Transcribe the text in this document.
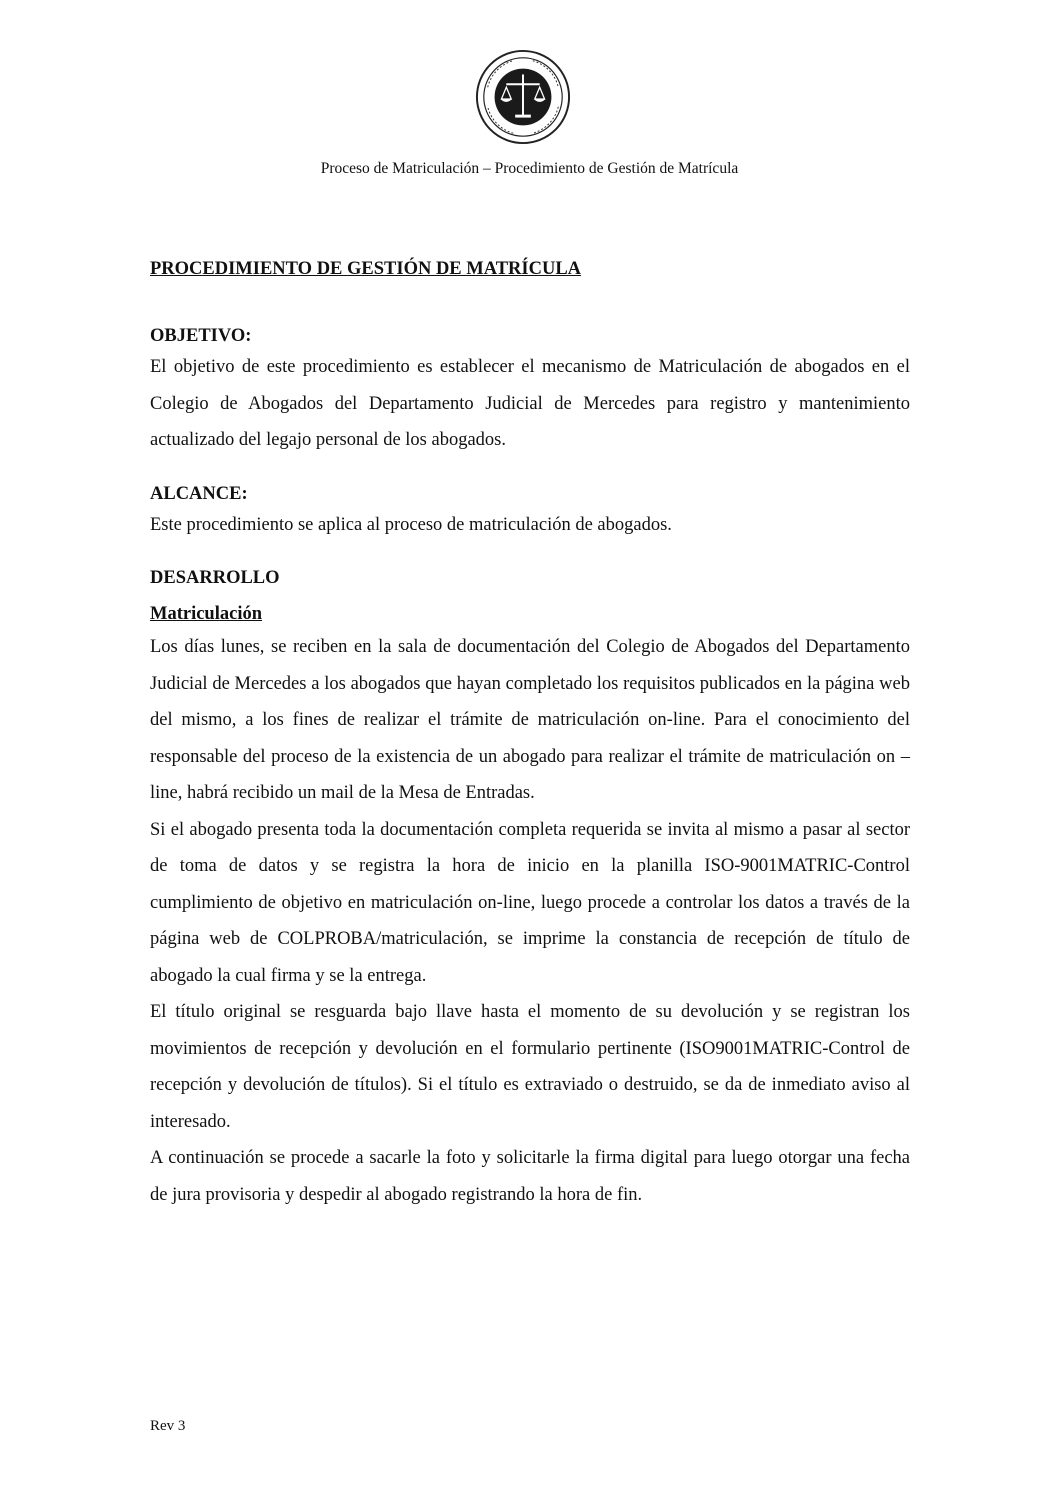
Proceso de Matriculación – Procedimiento de Gestión de Matrícula
PROCEDIMIENTO DE GESTIÓN DE MATRÍCULA
OBJETIVO:

El objetivo de este procedimiento es establecer el mecanismo de Matriculación de abogados en el Colegio de Abogados del Departamento Judicial de Mercedes para registro y mantenimiento actualizado del legajo personal de los abogados.

ALCANCE:

Este procedimiento se aplica al proceso de matriculación de abogados.

DESARROLLO
Matriculación

Los días lunes, se reciben en la sala de documentación del Colegio de Abogados del Departamento Judicial de Mercedes a los abogados que hayan completado los requisitos publicados en la página web del mismo, a los fines de realizar el trámite de matriculación on-line. Para el conocimiento del responsable del proceso de la existencia de un abogado para realizar el trámite de matriculación on –line, habrá recibido un mail de la Mesa de Entradas.

Si el abogado presenta toda la documentación completa requerida se invita al mismo a pasar al sector de toma de datos y se registra la hora de inicio en la planilla ISO-9001MATRIC-Control cumplimiento de objetivo en matriculación on-line, luego procede a controlar los datos a través de la página web de COLPROBA/matriculación, se imprime la constancia de recepción de título de abogado la cual firma y se la entrega.

El título original se resguarda bajo llave hasta el momento de su devolución y se registran los movimientos de recepción y devolución en el formulario pertinente (ISO9001MATRIC-Control de recepción y devolución de títulos). Si el título es extraviado o destruido, se da de inmediato aviso al interesado.

A continuación se procede a sacarle la foto y solicitarle la firma digital para luego otorgar una fecha de jura provisoria y despedir al abogado registrando la hora de fin.

Rev 3
